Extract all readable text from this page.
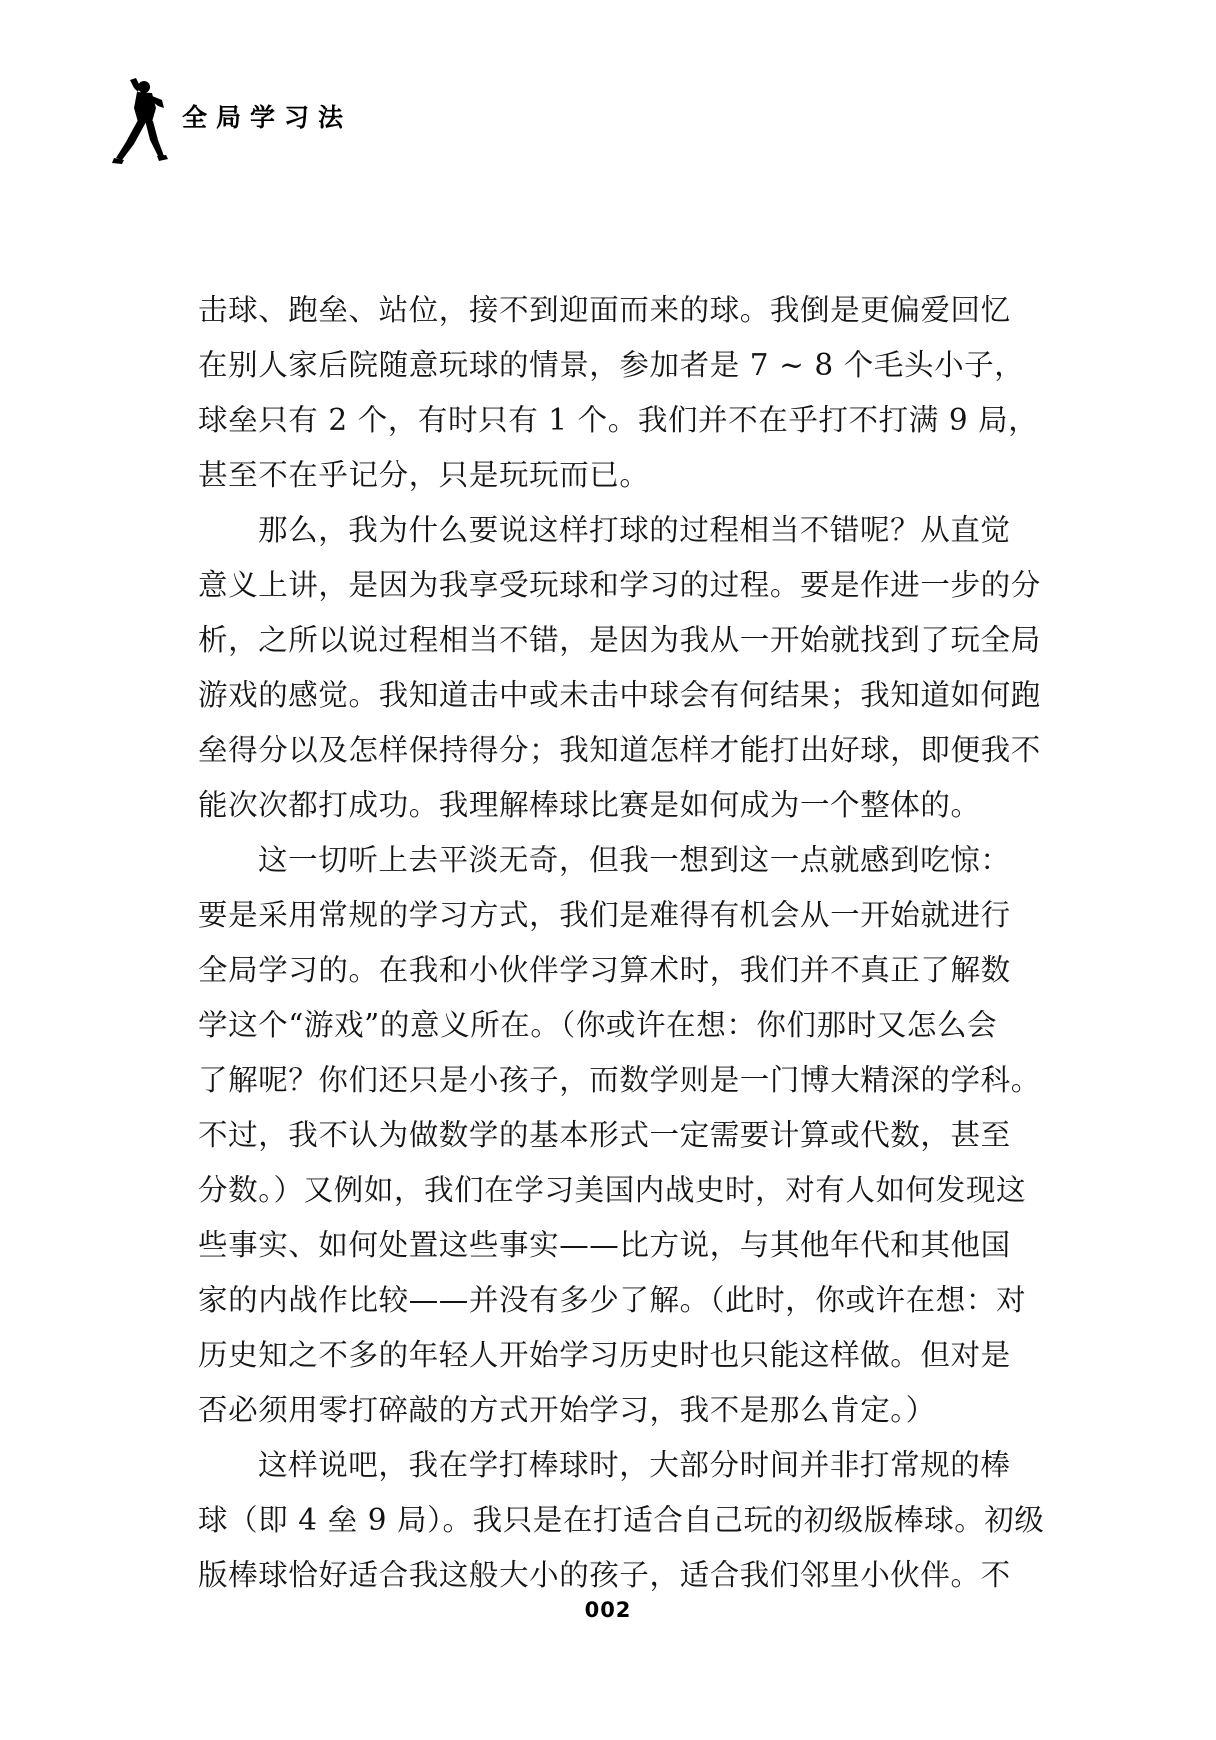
全局学习法
击球、跑垒、站位，接不到迎面而来的球。我倒是更偏爱回忆
在别人家后院随意玩球的情景，参加者是 7 ~ 8 个毛头小子，
球垒只有 2 个，有时只有 1 个。我们并不在乎打不打满 9 局，
甚至不在乎记分，只是玩玩而已。
那么，我为什么要说这样打球的过程相当不错呢？从直觉
意义上讲，是因为我享受玩球和学习的过程。要是作进一步的分
析，之所以说过程相当不错，是因为我从一开始就找到了玩全局
游戏的感觉。我知道击中或未击中球会有何结果；我知道如何跑
垒得分以及怎样保持得分；我知道怎样才能打出好球，即便我不
能次次都打成功。我理解棒球比赛是如何成为一个整体的。
这一切听上去平淡无奇，但我一想到这一点就感到吃惊：
要是采用常规的学习方式，我们是难得有机会从一开始就进行
全局学习的。在我和小伙伴学习算术时，我们并不真正了解数
学这个“游戏”的意义所在。（你或许在想：你们那时又怎么会
了解呢？你们还只是小孩子，而数学则是一门博大精深的学科。
不过，我不认为做数学的基本形式一定需要计算或代数，甚至
分数。）又例如，我们在学习美国内战史时，对有人如何发现这
些事实、如何处置这些事实——比方说，与其他年代和其他国
家的内战作比较——并没有多少了解。（此时，你或许在想：对
历史知之不多的年轻人开始学习历史时也只能这样做。但对是
否必须用零打碎敲的方式开始学习，我不是那么肯定。）
这样说吧，我在学打棒球时，大部分时间并非打常规的棒
球（即 4 垒 9 局）。我只是在打适合自己玩的初级版棒球。初级
版棒球恰好适合我这般大小的孩子，适合我们邻里小伙伴。不
002
